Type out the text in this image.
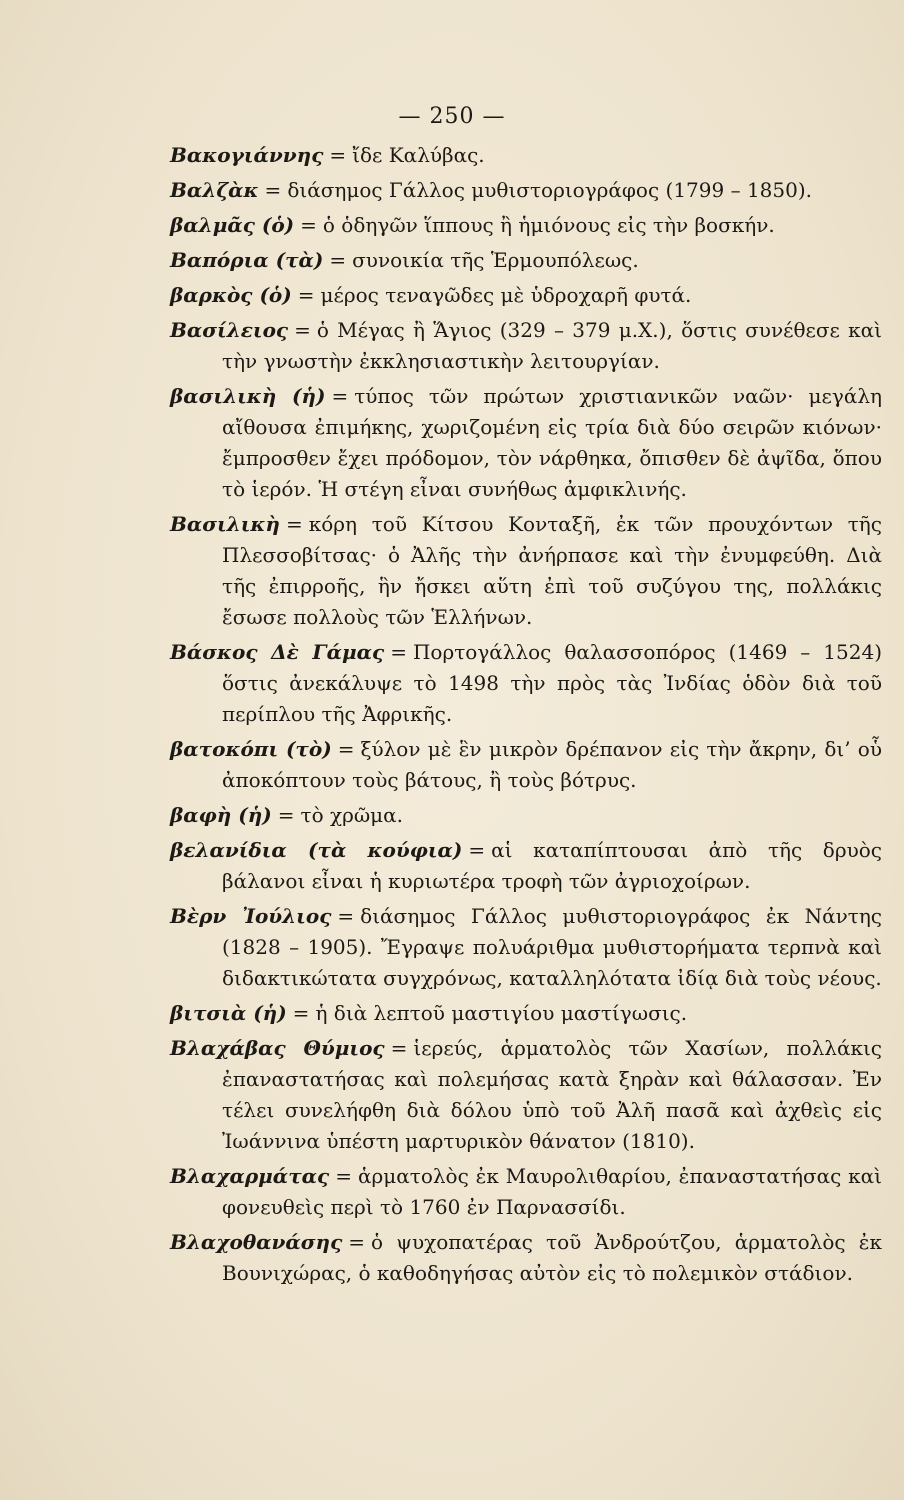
— 250 —

Βακογιάννης = ἴδε Καλύβας.

Βαλζὰκ = διάσημος Γάλλος μυθιστοριογράφος (1799 – 1850).

βαλμᾶς (ὁ) = ὁ ὁδηγῶν ἵππους ἢ ἡμιόνους εἰς τὴν βοσκήν.

Βαπόρια (τὰ) = συνοικία τῆς Ἑρμουπόλεως.

βαρκὸς (ὁ) = μέρος τεναγῶδες μὲ ὑδροχαρῆ φυτά.

Βασίλειος = ὁ Μέγας ἢ Ἅγιος (329 – 379 μ.Χ.), ὅστις συνέθεσε καὶ τὴν γνωστὴν ἐκκλησιαστικὴν λειτουργίαν.

βασιλικὴ (ἡ) = τύπος τῶν πρώτων χριστιανικῶν ναῶν· μεγάλη αἴθουσα ἐπιμήκης, χωριζομένη εἰς τρία διὰ δύο σειρῶν κιόνων· ἔμπροσθεν ἔχει πρόδομον, τὸν νάρθηκα, ὄπισθεν δὲ ἀψῖδα, ὅπου τὸ ἱερόν. Ἡ στέγη εἶναι συνήθως ἀμφικλινής.

Βασιλικὴ = κόρη τοῦ Κίτσου Κονταξῆ, ἐκ τῶν προυχόντων τῆς Πλεσσοβίτσας· ὁ Ἀλῆς τὴν ἀνήρπασε καὶ τὴν ἐνυμφεύθη. Διὰ τῆς ἐπιρροῆς, ἣν ἤσκει αὕτη ἐπὶ τοῦ συζύγου της, πολλάκις ἔσωσε πολλοὺς τῶν Ἑλλήνων.

Βάσκος Δὲ Γάμας = Πορτογάλλος θαλασσοπόρος (1469 – 1524) ὅστις ἀνεκάλυψε τὸ 1498 τὴν πρὸς τὰς Ἰνδίας ὁδὸν διὰ τοῦ περίπλου τῆς Ἀφρικῆς.

βατοκόπι (τὸ) = ξύλον μὲ ἓν μικρὸν δρέπανον εἰς τὴν ἄκρην, δι’ οὗ ἀποκόπτουν τοὺς βάτους, ἢ τοὺς βότρυς.

βαφὴ (ἡ) = τὸ χρῶμα.

βελανίδια (τὰ κούφια) = αἱ καταπίπτουσαι ἀπὸ τῆς δρυὸς βάλανοι εἶναι ἡ κυριωτέρα τροφὴ τῶν ἀγριοχοίρων.

Βὲρν Ἰούλιος = διάσημος Γάλλος μυθιστοριογράφος ἐκ Νάντης (1828 – 1905). Ἔγραψε πολυάριθμα μυθιστορήματα τερπνὰ καὶ διδακτικώτατα συγχρόνως, καταλληλότατα ἰδίᾳ διὰ τοὺς νέους.

βιτσιὰ (ἡ) = ἡ διὰ λεπτοῦ μαστιγίου μαστίγωσις.

Βλαχάβας Θύμιος = ἱερεύς, ἁρματολὸς τῶν Χασίων, πολλάκις ἐπαναστατήσας καὶ πολεμήσας κατὰ ξηρὰν καὶ θάλασσαν. Ἐν τέλει συνελήφθη διὰ δόλου ὑπὸ τοῦ Ἀλῆ πασᾶ καὶ ἀχθεὶς εἰς Ἰωάννινα ὑπέστη μαρτυρικὸν θάνατον (1810).

Βλαχαρμάτας = ἁρματολὸς ἐκ Μαυρολιθαρίου, ἐπαναστατήσας καὶ φονευθεὶς περὶ τὸ 1760 ἐν Παρνασσίδι.

Βλαχοθανάσης = ὁ ψυχοπατέρας τοῦ Ἀνδρούτζου, ἁρματολὸς ἐκ Βουνιχώρας, ὁ καθοδηγήσας αὐτὸν εἰς τὸ πολεμικὸν στάδιον.
